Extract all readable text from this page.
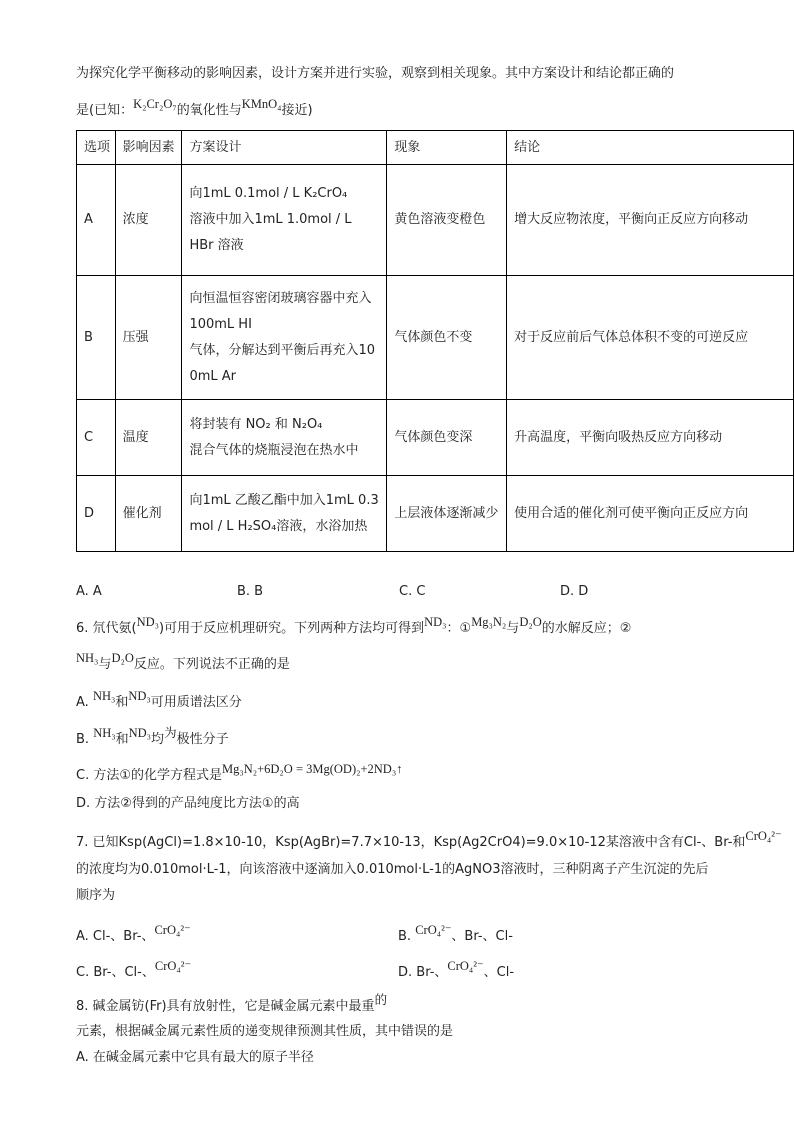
为探究化学平衡移动的影响因素，设计方案并进行实验，观察到相关现象。其中方案设计和结论都正确的
是(已知：K₂Cr₂O₇的氧化性与KMnO₄接近)
选项	影响因素	方案设计	现象	结论
A	浓度	向1mL 0.1mol / L K₂CrO₄
溶液中加入1mL 1.0mol / L
HBr 溶液	黄色溶液变橙色	增大反应物浓度，平衡向正反应方向移动
B	压强	向恒温恒容密闭玻璃容器中充入
100mL HI
气体，分解达到平衡后再充入10
0mL Ar	气体颜色不变	对于反应前后气体总体积不变的可逆反应
C	温度	将封装有 NO₂ 和 N₂O₄
混合气体的烧瓶浸泡在热水中	气体颜色变深	升高温度，平衡向吸热反应方向移动
D	催化剂	向1mL 乙酸乙酯中加入1mL 0.3
mol / L H₂SO₄溶液，水浴加热	上层液体逐渐减少	使用合适的催化剂可使平衡向正反应方向
A. A	B. B	C. C	D. D
6. 氘代氨(ND₃)可用于反应机理研究。下列两种方法均可得到ND₃：①Mg₃N₂与D₂O的水解反应；②
NH₃与D₂O反应。下列说法不正确的是
A. NH₃和ND₃可用质谱法区分
B. NH₃和ND₃均为极性分子
C. 方法①的化学方程式是Mg₃N₂+6D₂O = 3Mg(OD)₂+2ND₃↑
D. 方法②得到的产品纯度比方法①的高
7. 已知Ksp(AgCl)=1.8×10-10，Ksp(AgBr)=7.7×10-13，Ksp(Ag2CrO4)=9.0×10-12某溶液中含有Cl-、Br-和CrO₄²⁻
的浓度均为0.010mol·L-1，向该溶液中逐滴加入0.010mol·L-1的AgNO3溶液时，三种阴离子产生沉淀的先后
顺序为
A. Cl-、Br-、CrO₄²⁻	B. CrO₄²⁻、Br-、Cl-
C. Br-、Cl-、CrO₄²⁻	D. Br-、CrO₄²⁻、Cl-
8. 碱金属钫(Fr)具有放射性，它是碱金属元素中最重的
元素，根据碱金属元素性质的递变规律预测其性质，其中错误的是
A. 在碱金属元素中它具有最大的原子半径
